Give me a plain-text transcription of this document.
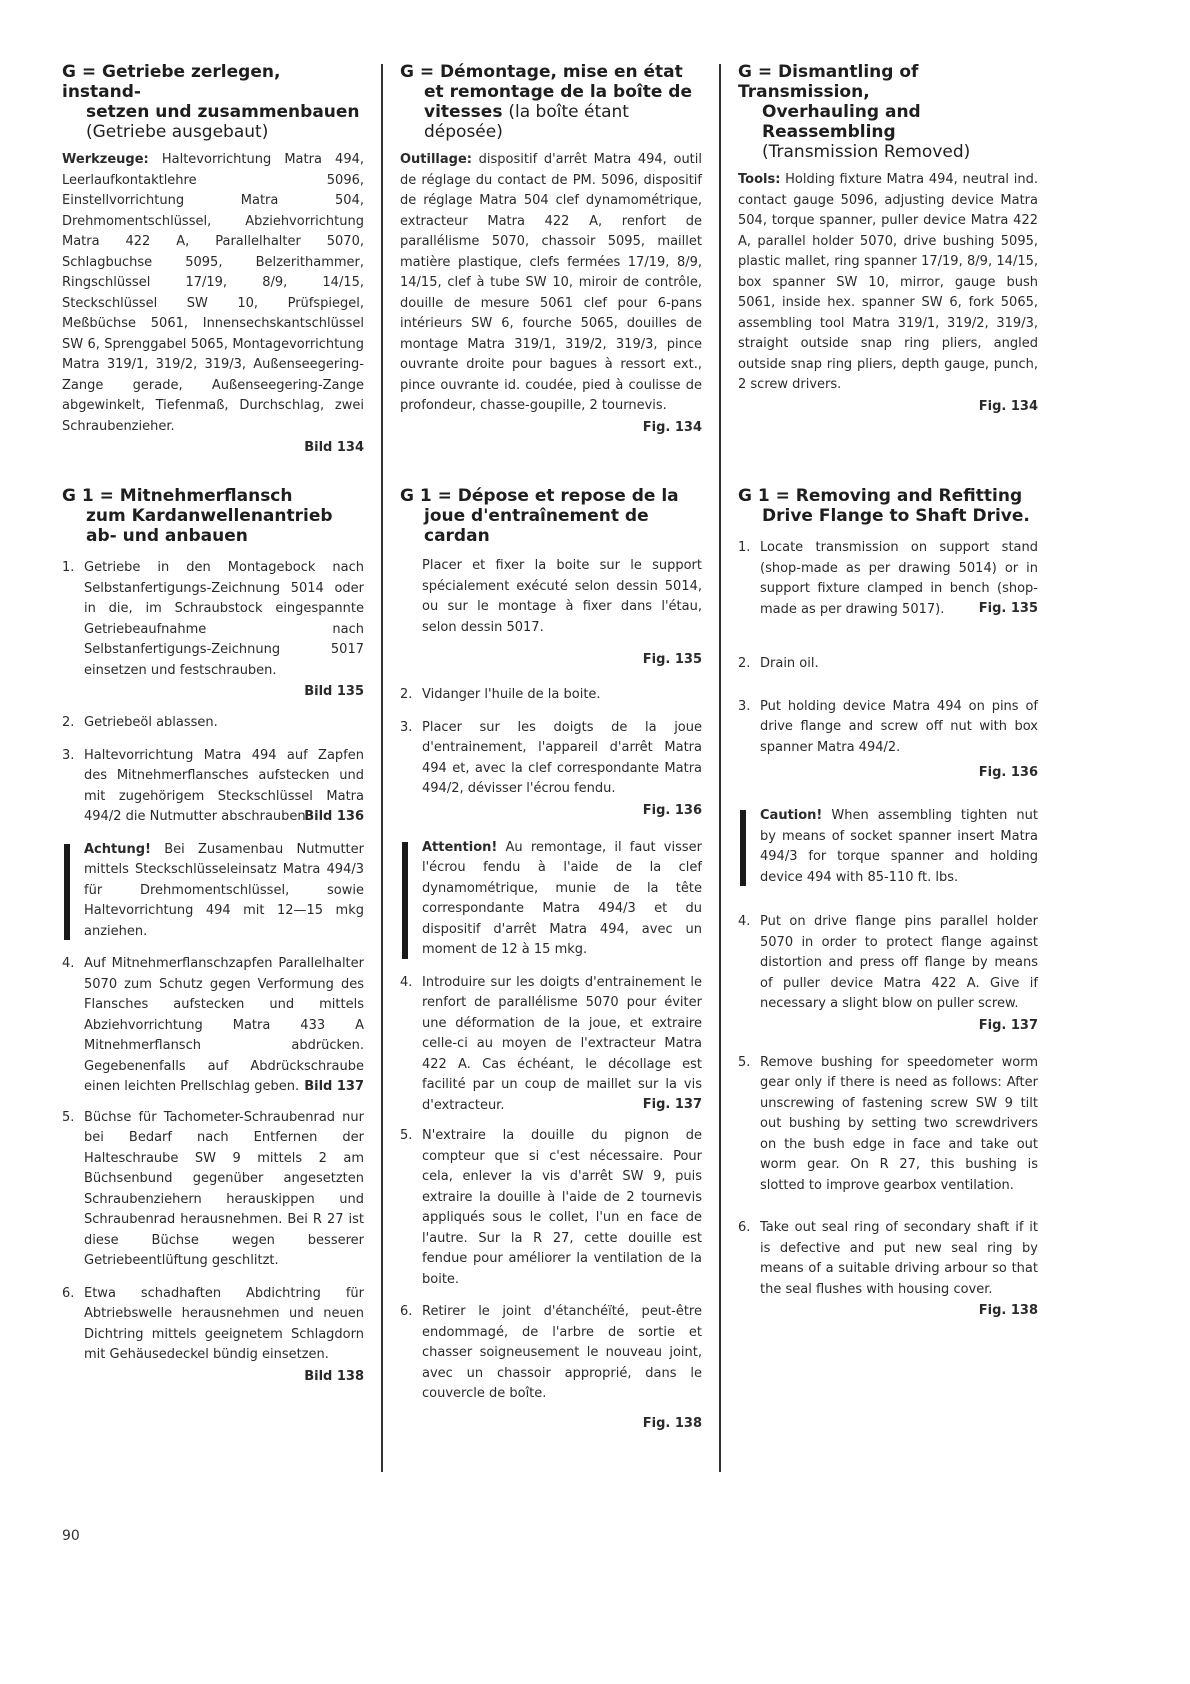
G = Getriebe zerlegen, instand-
setzen und zusammenbauen
(Getriebe ausgebaut)

Werkzeuge: Haltevorrichtung Matra 494, Leerlaufkontaktlehre 5096, Einstellvorrichtung Matra 504, Drehmomentschlüssel, Abziehvorrichtung Matra 422 A, Parallelhalter 5070, Schlagbuchse 5095, Belzerithammer, Ringschlüssel 17/19, 8/9, 14/15, Steckschlüssel SW 10, Prüfspiegel, Meßbüchse 5061, Innensechskantschlüssel SW 6, Sprenggabel 5065, Montagevorrichtung Matra 319/1, 319/2, 319/3, Außenseegering-Zange gerade, Außenseegering-Zange abgewinkelt, Tiefenmaß, Durchschlag, zwei Schraubenzieher.

Bild 134
G 1 = Mitnehmerflansch
zum Kardanwellenantrieb
ab- und anbauen
1. Getriebe in den Montagebock nach Selbstanfertigungs-Zeichnung 5014 oder in die, im Schraubstock eingespannte Getriebeaufnahme nach Selbstanfertigungs-Zeichnung 5017 einsetzen und festschrauben.
Bild 135
2. Getriebeöl ablassen.
3. Haltevorrichtung Matra 494 auf Zapfen des Mitnehmerflansches aufstecken und mit zugehörigem Steckschlüssel Matra 494/2 die Nutmutter abschrauben.
Bild 136
Achtung! Bei Zusamenbau Nutmutter mittels Steckschlüsseleinsatz Matra 494/3 für Drehmomentschlüssel, sowie Haltevorrichtung 494 mit 12—15 mkg anziehen.
4. Auf Mitnehmerflanschzapfen Parallelhalter 5070 zum Schutz gegen Verformung des Flansches aufstecken und mittels Abziehvorrichtung Matra 433 A Mitnehmerflansch abdrücken. Gegebenenfalls auf Abdrückschraube einen leichten Prellschlag geben. Bild 137
5. Büchse für Tachometer-Schraubenrad nur bei Bedarf nach Entfernen der Halteschraube SW 9 mittels 2 am Büchsenbund gegenüber angesetzten Schraubenziehern herauskippen und Schraubenrad herausnehmen. Bei R 27 ist diese Büchse wegen besserer Getriebeentlüftung geschlitzt.
6. Etwa schadhaften Abdichtring für Abtriebswelle herausnehmen und neuen Dichtring mittels geeignetem Schlagdorn mit Gehäusedeckel bündig einsetzen.
Bild 138
G = Démontage, mise en état
et remontage de la boîte de
vitesses (la boîte étant déposée)

Outillage: dispositif d'arrêt Matra 494, outil de réglage du contact de PM. 5096, dispositif de réglage Matra 504 clef dynamométrique, extracteur Matra 422 A, renfort de parallélisme 5070, chassoir 5095, maillet matière plastique, clefs fermées 17/19, 8/9, 14/15, clef à tube SW 10, miroir de contrôle, douille de mesure 5061 clef pour 6-pans intérieurs SW 6, fourche 5065, douilles de montage Matra 319/1, 319/2, 319/3, pince ouvrante droite pour bagues à ressort ext., pince ouvrante id. coudée, pied à coulisse de profondeur, chasse-goupille, 2 tournevis.

Fig. 134
G 1 = Dépose et repose de la
joue d'entraînement de cardan

Placer et fixer la boite sur le support spécialement exécuté selon dessin 5014, ou sur le montage à fixer dans l'étau, selon dessin 5017.

Fig. 135
2. Vidanger l'huile de la boite.
3. Placer sur les doigts de la joue d'entrainement, l'appareil d'arrêt Matra 494 et, avec la clef correspondante Matra 494/2, dévisser l'écrou fendu.
Fig. 136
Attention! Au remontage, il faut visser l'écrou fendu à l'aide de la clef dynamométrique, munie de la tête correspondante Matra 494/3 et du dispositif d'arrêt Matra 494, avec un moment de 12 à 15 mkg.
4. Introduire sur les doigts d'entrainement le renfort de parallélisme 5070 pour éviter une déformation de la joue, et extraire celle-ci au moyen de l'extracteur Matra 422 A. Cas échéant, le décollage est facilité par un coup de maillet sur la vis d'extracteur.	Fig. 137
5. N'extraire la douille du pignon de compteur que si c'est nécessaire. Pour cela, enlever la vis d'arrêt SW 9, puis extraire la douille à l'aide de 2 tournevis appliqués sous le collet, l'un en face de l'autre. Sur la R 27, cette douille est fendue pour améliorer la ventilation de la boite.
6. Retirer le joint d'étanchéïté, peut-être endommagé, de l'arbre de sortie et chasser soigneusement le nouveau joint, avec un chassoir approprié, dans le couvercle de boîte.
Fig. 138
G = Dismantling of Transmission,
Overhauling and Reassembling
(Transmission Removed)

Tools: Holding fixture Matra 494, neutral ind. contact gauge 5096, adjusting device Matra 504, torque spanner, puller device Matra 422 A, parallel holder 5070, drive bushing 5095, plastic mallet, ring spanner 17/19, 8/9, 14/15, box spanner SW 10, mirror, gauge bush 5061, inside hex. spanner SW 6, fork 5065, assembling tool Matra 319/1, 319/2, 319/3, straight outside snap ring pliers, angled outside snap ring pliers, depth gauge, punch, 2 screw drivers.

Fig. 134
G 1 = Removing and Refitting
Drive Flange to Shaft Drive.
1. Locate transmission on support stand (shop-made as per drawing 5014) or in support fixture clamped in bench (shop-made as per drawing 5017).	Fig. 135
2. Drain oil.
3. Put holding device Matra 494 on pins of drive flange and screw off nut with box spanner Matra 494/2.
Fig. 136
Caution! When assembling tighten nut by means of socket spanner insert Matra 494/3 for torque spanner and holding device 494 with 85-110 ft. lbs.
4. Put on drive flange pins parallel holder 5070 in order to protect flange against distortion and press off flange by means of puller device Matra 422 A. Give if necessary a slight blow on puller screw.
Fig. 137
5. Remove bushing for speedometer worm gear only if there is need as follows: After unscrewing of fastening screw SW 9 tilt out bushing by setting two screwdrivers on the bush edge in face and take out worm gear. On R 27, this bushing is slotted to improve gearbox ventilation.
6. Take out seal ring of secondary shaft if it is defective and put new seal ring by means of a suitable driving arbour so that the seal flushes with housing cover.
Fig. 138
90
